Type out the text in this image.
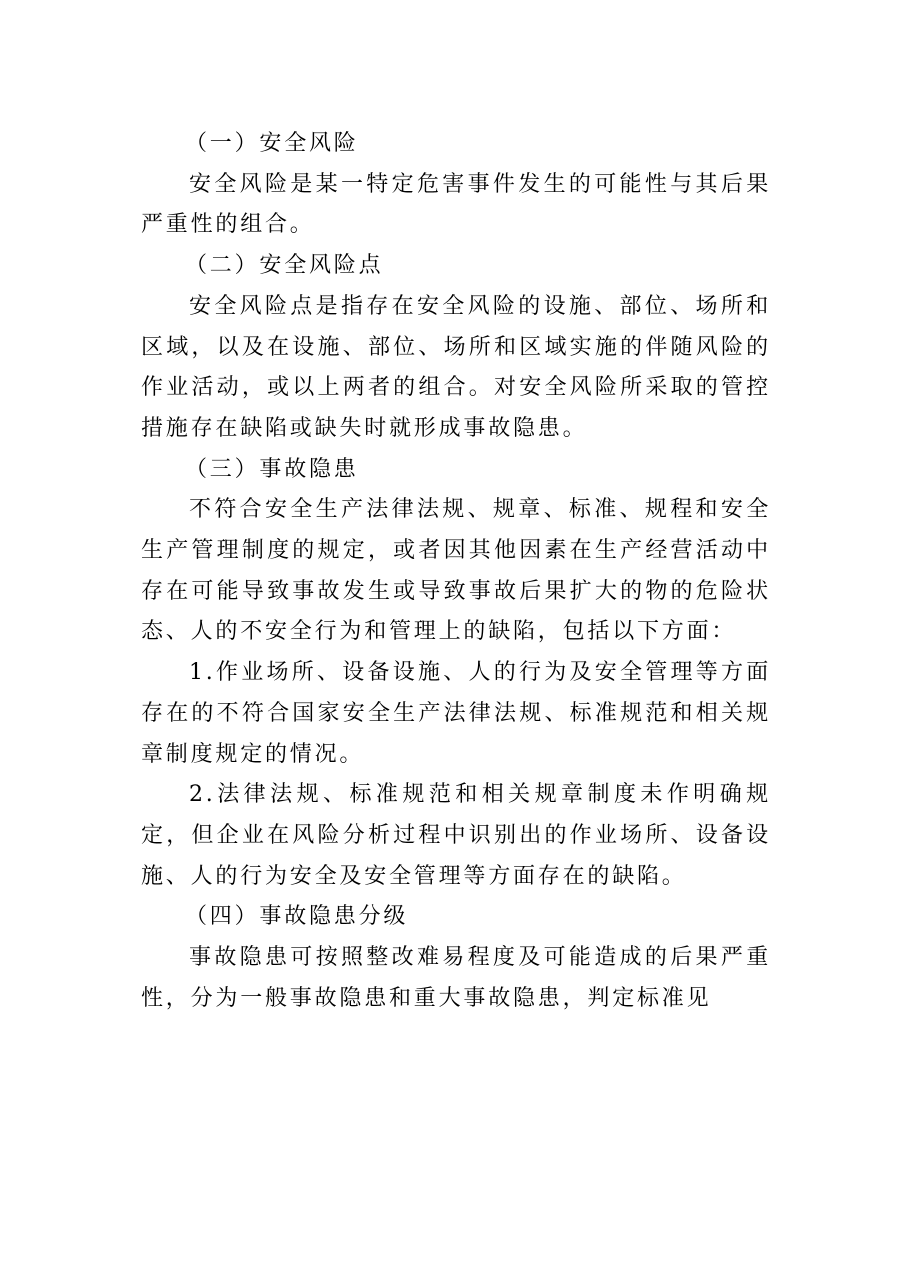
（一）安全风险

安全风险是某一特定危害事件发生的可能性与其后果严重性的组合。

（二）安全风险点

安全风险点是指存在安全风险的设施、部位、场所和区域，以及在设施、部位、场所和区域实施的伴随风险的作业活动，或以上两者的组合。对安全风险所采取的管控措施存在缺陷或缺失时就形成事故隐患。

（三）事故隐患

不符合安全生产法律法规、规章、标准、规程和安全生产管理制度的规定，或者因其他因素在生产经营活动中存在可能导致事故发生或导致事故后果扩大的物的危险状态、人的不安全行为和管理上的缺陷，包括以下方面：

1.作业场所、设备设施、人的行为及安全管理等方面存在的不符合国家安全生产法律法规、标准规范和相关规章制度规定的情况。

2.法律法规、标准规范和相关规章制度未作明确规定，但企业在风险分析过程中识别出的作业场所、设备设施、人的行为安全及安全管理等方面存在的缺陷。

（四）事故隐患分级

事故隐患可按照整改难易程度及可能造成的后果严重性，分为一般事故隐患和重大事故隐患，判定标准见
